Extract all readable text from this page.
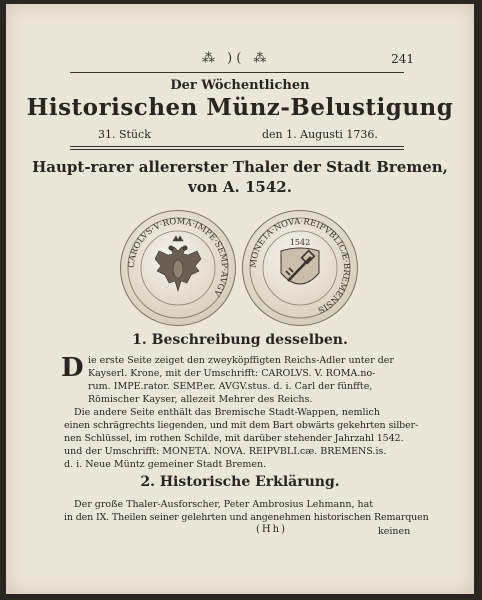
⁂ )( ⁂	241
Der Wöchentlichen
Historischen Münz-Belustigung
31. Stück	den 1. Augusti 1736.
Haupt-rarer allererster Thaler der Stadt Bremen,
von A. 1542.
CAROLVS·V·ROMA·IMPE·SEMP·AVGV
MONETA·NOVA·REIPVBLICÆ·BREMENSIS
1542
1. Beschreibung desselben.
D ie erste Seite zeiget den zweyköpffigten Reichs-Adler unter der
Kayserl. Krone, mit der Umschrifft: CAROLVS. V. ROMA.no-
rum. IMPE.rator. SEMP.er. AVGV.stus. d. i. Carl der fünffte,
Römischer Kayser, allezeit Mehrer des Reichs.
Die andere Seite enthält das Bremische Stadt-Wappen, nemlich
einen schrägrechts liegenden, und mit dem Bart obwärts gekehrten silber-
nen Schlüssel, im rothen Schilde, mit darüber stehender Jahrzahl 1542.
und der Umschrifft: MONETA. NOVA. REIPVBLI.cæ. BREMENS.is.
d. i. Neue Müntz gemeiner Stadt Bremen.
2. Historische Erklärung.
Der große Thaler-Ausforscher, Peter Ambrosius Lehmann, hat
in den IX. Theilen seiner gelehrten und angenehmen historischen Remarquen
(Hh)	keinen
